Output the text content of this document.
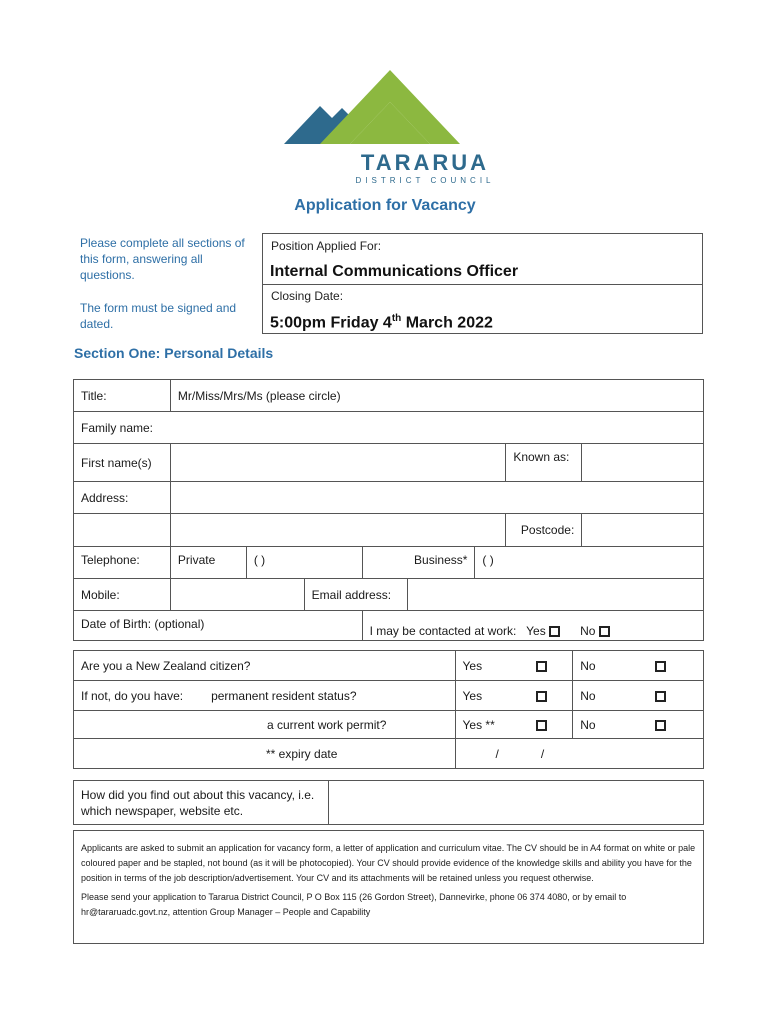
TARARUA
DISTRICT COUNCIL
Application for Vacancy
Please complete all sections of this form, answering all questions.
The form must be signed and dated.
Position Applied For:
Internal Communications Officer
Closing Date:
5:00pm Friday 4th March 2022
Section One: Personal Details
Title:	Mr/Miss/Mrs/Ms (please circle)							
Family name:								
First name(s)							Known as:	
Address:								
							Postcode:	
Telephone:	Private	( )		Business*		( )		
Mobile:			Email address:					
Date of Birth: (optional)				I may be contacted at work: Yes No				
Are you a New Zealand citizen?	Yes	No

If not, do you have: permanent resident status?	Yes	No

a current work permit?	Yes **	No

** expiry date	/ /	
How did you find out about this vacancy, i.e. which newspaper, website etc.	

Applicants are asked to submit an application for vacancy form, a letter of application and curriculum vitae. The CV should be in A4 format on white or pale coloured paper and be stapled, not bound (as it will be photocopied). Your CV should provide evidence of the knowledge skills and ability you have for the position in terms of the job description/advertisement. Your CV and its attachments will be retained unless you request otherwise.

Please send your application to Tararua District Council, P O Box 115 (26 Gordon Street), Dannevirke, phone 06 374 4080, or by email to hr@tararuadc.govt.nz, attention Group Manager – People and Capability
